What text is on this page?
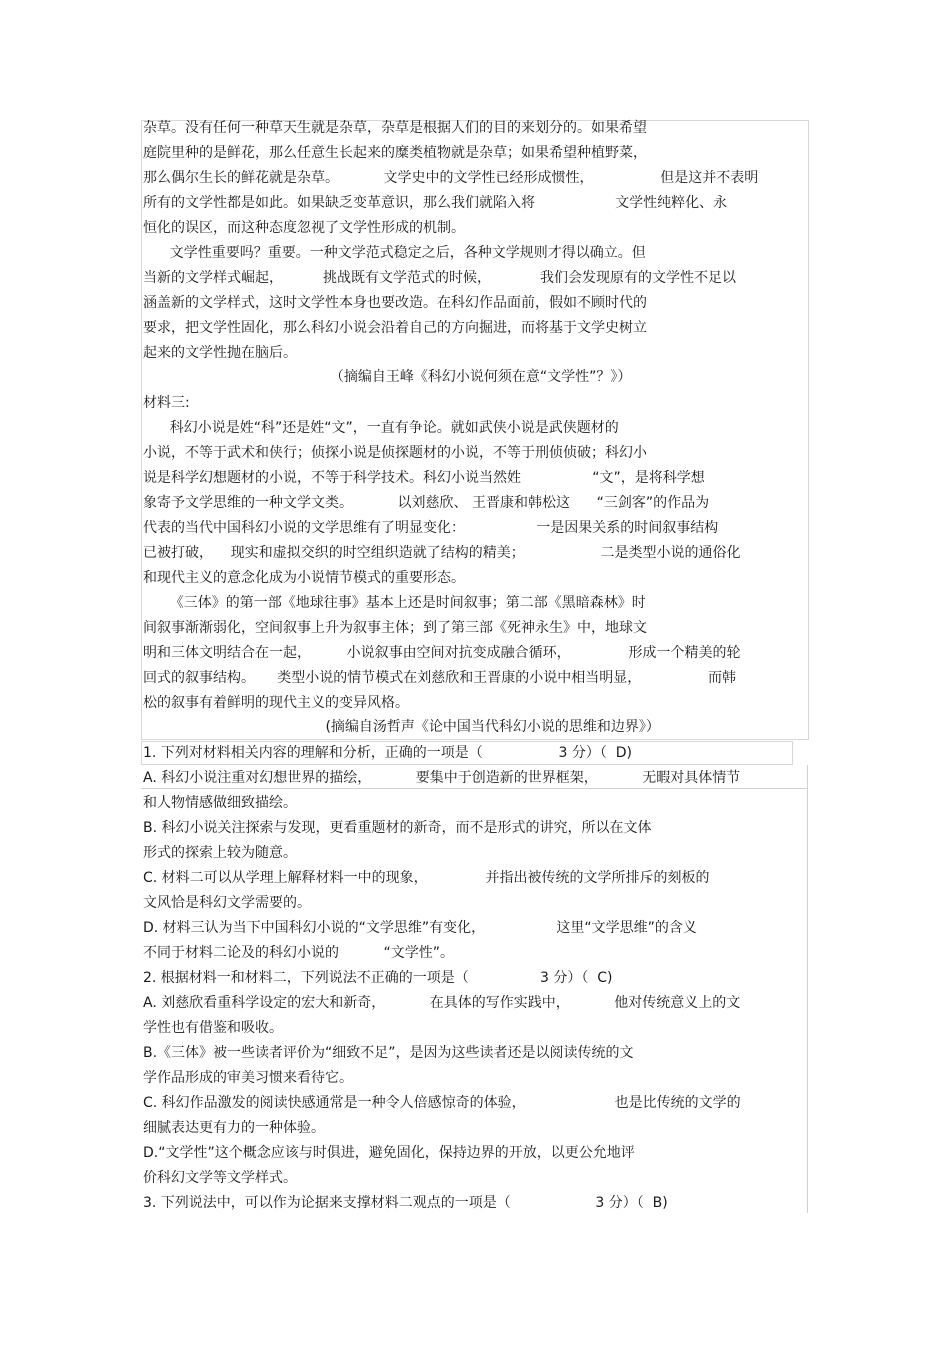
杂草。没有任何一种草天生就是杂草，杂草是根据人们的目的来划分的。如果希望
庭院里种的是鲜花，那么任意生长起来的糜类植物就是杂草；如果希望种植野菜，
那么偶尔生长的鲜花就是杂草。          文学史中的文学性已经形成惯性，               但是这并不表明
所有的文学性都是如此。如果缺乏变革意识，那么我们就陷入将                  文学性纯粹化、永
恒化的误区，而这种态度忽视了文学性形成的机制。
文学性重要吗？重要。一种文学范式稳定之后，各种文学规则才得以确立。但
当新的文学样式崛起，         挑战既有文学范式的时候，           我们会发现原有的文学性不足以
涵盖新的文学样式，这时文学性本身也要改造。在科幻作品面前，假如不顾时代的
要求，把文学性固化，那么科幻小说会沿着自己的方向掘进，而将基于文学史树立
起来的文学性抛在脑后。
（摘编自王峰《科幻小说何须在意“文学性”？》）
材料三:
科幻小说是姓“科”还是姓“文”，一直有争论。就如武侠小说是武侠题材的
小说，不等于武术和侠行；侦探小说是侦探题材的小说，不等于刑侦侦破；科幻小
说是科学幻想题材的小说，不等于科学技术。科幻小说当然姓                “文”，是将科学想
象寄予文学思维的一种文学文类。          以刘慈欣、 王晋康和韩松这      “三剑客”的作品为
代表的当代中国科幻小说的文学思维有了明显变化：                一是因果关系的时间叙事结构
已被打破，    现实和虚拟交织的时空组织造就了结构的精美；                 二是类型小说的通俗化
和现代主义的意念化成为小说情节模式的重要形态。
《三体》的第一部《地球往事》基本上还是时间叙事；第二部《黑暗森林》时
间叙事渐渐弱化，空间叙事上升为叙事主体；到了第三部《死神永生》中，地球文
明和三体文明结合在一起，        小说叙事由空间对抗变成融合循环，             形成一个精美的轮
回式的叙事结构。     类型小说的情节模式在刘慈欣和王晋康的小说中相当明显，               而韩
松的叙事有着鲜明的现代主义的变异风格。
(摘编自汤哲声《论中国当代科幻小说的思维和边界》）
1. 下列对材料相关内容的理解和分析，正确的一项是（                 3 分）（  D)
A. 科幻小说注重对幻想世界的描绘，          要集中于创造新的世界框架，          无暇对具体情节
和人物情感做细致描绘。
B. 科幻小说关注探索与发现，更看重题材的新奇，而不是形式的讲究，所以在文体
形式的探索上较为随意。
C. 材料二可以从学理上解释材料一中的现象，             并指出被传统的文学所排斥的刻板的
文风恰是科幻文学需要的。
D. 材料三认为当下中国科幻小说的“文学思维”有变化，                这里“文学思维”的含义
不同于材料二论及的科幻小说的          “文学性”。
2. 根据材料一和材料二，下列说法不正确的一项是（                3 分）（  C)
A. 刘慈欣看重科学设定的宏大和新奇，          在具体的写作实践中，          他对传统意义上的文
学性也有借鉴和吸收。
B.《三体》被一些读者评价为“细致不足”，是因为这些读者还是以阅读传统的文
学作品形成的审美习惯来看待它。
C. 科幻作品激发的阅读快感通常是一种令人倍感惊奇的体验，                    也是比传统的文学的
细腻表达更有力的一种体验。
D.“文学性”这个概念应该与时俱进，避免固化，保持边界的开放，以更公允地评
价科幻文学等文学样式。
3. 下列说法中，可以作为论据来支撑材料二观点的一项是（                   3 分）（  B)
